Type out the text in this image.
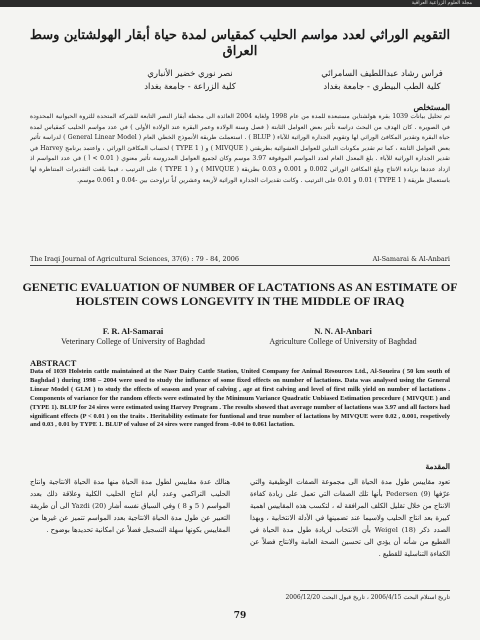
مجلة العلوم الزراعية العراقية
التقويم الوراثي لعدد مواسم الحليب كمقياس لمدة حياة أبقار الهولشتاين وسط العراق
فراس رشاد عبداللطيف السامرائي
كلية الطب البيطري - جامعة بغداد
نصر نوري خضير الأنباري
كلية الزراعة - جامعة بغداد
المستخلص
تم تحليل بيانات 1039 بقرة هولشتاين مستبعدة للمدة من عام 1998 ولغاية 2004 العائدة الى محطة أبقار النصر التابعة للشركة المتحدة للثروة الحيوانية المحدودة في الصويرة . كان الهدف من البحث دراسة تأثير بعض العوامل الثابتة ( فصل وسنة الولادة وعمر البقرة عند الولادة الأولى ) في عدد مواسم الحليب كمقياس لمدة حياة البقرة وتقدير المكافئ الوراثي لها وتقويم الجدارة الوراثية للآباء ( BLUP ) . استعملت طريقة الأنموذج الخطي العام ( General Linear Model ) لدراسة تأثير بعض العوامل الثابتة ، كما تم تقدير مكونات التباين للعوامل العشوائية بطريقتي ( MIVQUE ) و ( TYPE 1 ) لحساب المكافئ الوراثي ، واعتمد برنامج Harvey في تقدير الجدارة الوراثية للآباء . بلغ المعدل العام لعدد المواسم الموقوفة 3.97 موسم وكان لجميع العوامل المدروسة تأثير معنوي ( 0.01 > أ ) في عدد المواسم اذ ازداد عددها بزيادة الانتاج وبلغ المكافئ الوراثي 0.002 و 0.001 و 0.03 بطريقة ( MIVQUE ) و ( TYPE 1 ) على الترتيب ، فيما بلغت التقديرات المتناظرة لها باستعمال طريقة ( TYPE 1 ) 0.01 و 0.01 على الترتيب . وكانت تقديرات الجدارة الوراثية لأربعة وعشرين أباً تراوحت بين -0.04 و 0.061 موسم.
The Iraqi Journal of Agricultural Sciences, 37(6) : 79 - 84, 2006	Al-Samarai & Al-Anbari
GENETIC EVALUATION OF NUMBER OF LACTATIONS AS AN ESTIMATE OF HOLSTEIN COWS LONGEVITY IN THE MIDDLE OF IRAQ
F. R. Al-Samarai
Veterinary College of University of Baghdad
N. N. Al-Anbari
Agriculture College of University of Baghdad
ABSTRACT
Data of 1039 Holstein cattle maintained at the Nasr Dairy Cattle Station, United Company for Animal Resources Ltd., Al-Soueira ( 50 km south of Baghdad ) during 1998 – 2004 were used to study the influence of some fixed effects on number of lactations. Data was analysed using the General Linear Model ( GLM ) to study the effects of season and year of calving , age at first calving and level of first milk yield on number of lactations . Components of variance for the random effects were estimated by the Minimum Variance Quadratic Unbiased Estimation procedure ( MIVQUE ) and (TYPE 1). BLUP for 24 sires were estimated using Harvey Program . The results showed that average number of lactations was 3.97 and all factors had significant effects (P < 0.01 ) on the traits . Heritability estimate for funtional and true number of lactations by MIVQUE were 0.02 , 0.001, respetively and 0.03 , 0.01 by TYPE 1. BLUP of valuse of 24 sires were ranged from -0.04 to 0.061 lactation.
المقدمة
تعود مقاييس طول مدة الحياة الى مجموعة الصفات الوظيفية والتي عرّفها Pedersen (9) بأنها تلك الصفات التي تعمل على زيادة كفاءة الانتاج من خلال تقليل الكلف المرافقة له ، لتكسب هذه المقاييس اهمية كبيرة بعد انتاج الحليب ولاسيما عند تضمينها في الأدلة الانتخابية ، وبهذا الصدد ذكر Weigel (18) بأن الانتخاب لزيادة طول مدة الحياة في القطيع من شأنه أن يؤدي الى تحسين الصحة العامة والانتاج فضلاً عن الكفاءة التناسلية للقطيع .
هنالك عدة مقاييس لطول مدة الحياة منها مدة الحياة الانتاجية وانتاج الحليب التراكمي وعدد أيام انتاج الحليب الكلية وعلاقة ذلك بعدد المواسم ( 5 و 8 ) وفي السياق نفسه أشار Yazdi (20) الى أن طريقة التعبير عن طول مدة الحياة الانتاجية بعدد المواسم تتميز عن غيرها من المقاييس بكونها سهلة التسجيل فضلاً عن امكانية تحديدها بوضوح .
تاريخ استلام البحث 2006/4/15 ، تاريخ قبول البحث 2006/12/20
79
